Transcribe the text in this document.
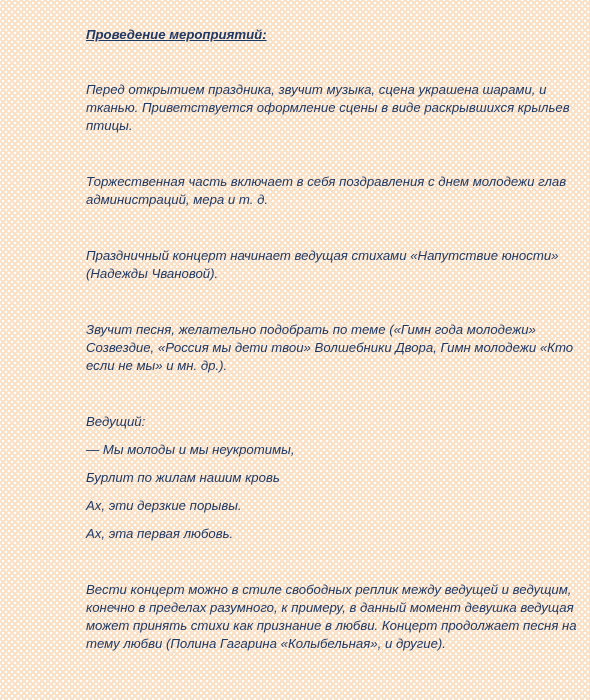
Проведение мероприятий:

Перед открытием праздника, звучит музыка, сцена украшена шарами, и тканью. Приветствуется оформление сцены в виде раскрывшихся крыльев птицы.

Торжественная часть включает в себя поздравления с днем молодежи глав администраций, мера и т. д.

Праздничный концерт начинает ведущая стихами «Напутствие юности» (Надежды Чвановой).

Звучит песня, желательно подобрать по теме («Гимн года молодежи» Созвездие, «Россия мы дети твои» Волшебники Двора, Гимн молодежи «Кто если не мы» и мн. др.).

Ведущий:

— Мы молоды и мы неукротимы,

Бурлит по жилам нашим кровь

Ах, эти дерзкие порывы.

Ах, эта первая любовь.

Вести концерт можно в стиле свободных реплик между ведущей и ведущим, конечно в пределах разумного, к примеру, в данный момент девушка ведущая может принять стихи как признание в любви. Концерт продолжает песня на тему любви (Полина Гагарина «Колыбельная», и другие).
